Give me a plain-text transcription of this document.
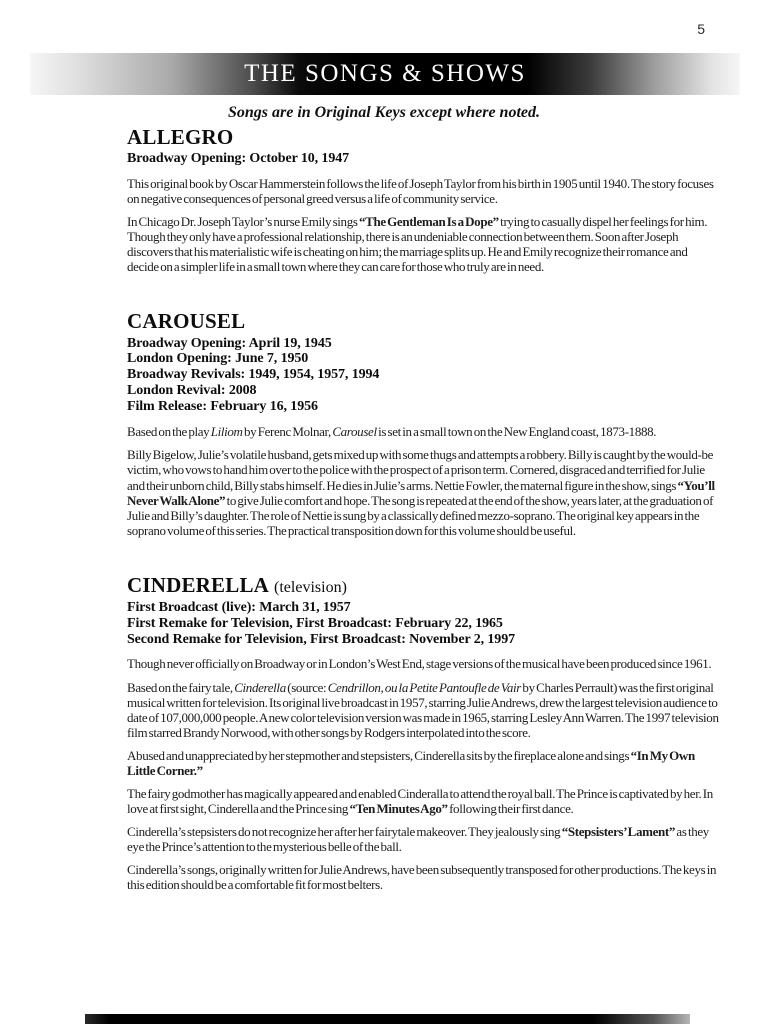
5
THE SONGS & SHOWS
Songs are in Original Keys except where noted.
ALLEGRO
Broadway Opening: October 10, 1947

This original book by Oscar Hammerstein follows the life of Joseph Taylor from his birth in 1905 until 1940. The story focuses on negative consequences of personal greed versus a life of community service.

In Chicago Dr. Joseph Taylor’s nurse Emily sings “The Gentleman Is a Dope” trying to casually dispel her feelings for him. Though they only have a professional relationship, there is an undeniable connection between them. Soon after Joseph discovers that his materialistic wife is cheating on him; the marriage splits up. He and Emily recognize their romance and decide on a simpler life in a small town where they can care for those who truly are in need.

CAROUSEL
Broadway Opening: April 19, 1945
London Opening: June 7, 1950
Broadway Revivals: 1949, 1954, 1957, 1994
London Revival: 2008
Film Release: February 16, 1956

Based on the play Liliom by Ferenc Molnar, Carousel is set in a small town on the New England coast, 1873-1888.

Billy Bigelow, Julie’s volatile husband, gets mixed up with some thugs and attempts a robbery. Billy is caught by the would-be victim, who vows to hand him over to the police with the prospect of a prison term. Cornered, disgraced and terrified for Julie and their unborn child, Billy stabs himself. He dies in Julie’s arms. Nettie Fowler, the maternal figure in the show, sings “You’ll Never Walk Alone” to give Julie comfort and hope. The song is repeated at the end of the show, years later, at the graduation of Julie and Billy’s daughter. The role of Nettie is sung by a classically defined mezzo-soprano. The original key appears in the soprano volume of this series. The practical transposition down for this volume should be useful.

CINDERELLA (television)
First Broadcast (live): March 31, 1957
First Remake for Television, First Broadcast: February 22, 1965
Second Remake for Television, First Broadcast: November 2, 1997

Though never officially on Broadway or in London’s West End, stage versions of the musical have been produced since 1961.

Based on the fairy tale, Cinderella (source: Cendrillon, ou la Petite Pantoufle de Vair by Charles Perrault) was the first original musical written for television. Its original live broadcast in 1957, starring Julie Andrews, drew the largest television audience to date of 107,000,000 people. A new color television version was made in 1965, starring Lesley Ann Warren. The 1997 television film starred Brandy Norwood, with other songs by Rodgers interpolated into the score.

Abused and unappreciated by her stepmother and stepsisters, Cinderella sits by the fireplace alone and sings “In My Own Little Corner.”

The fairy godmother has magically appeared and enabled Cinderalla to attend the royal ball. The Prince is captivated by her. In love at first sight, Cinderella and the Prince sing “Ten Minutes Ago” following their first dance.

Cinderella’s stepsisters do not recognize her after her fairytale makeover. They jealously sing “Stepsisters’ Lament” as they eye the Prince’s attention to the mysterious belle of the ball.

Cinderella’s songs, originally written for Julie Andrews, have been subsequently transposed for other productions. The keys in this edition should be a comfortable fit for most belters.
